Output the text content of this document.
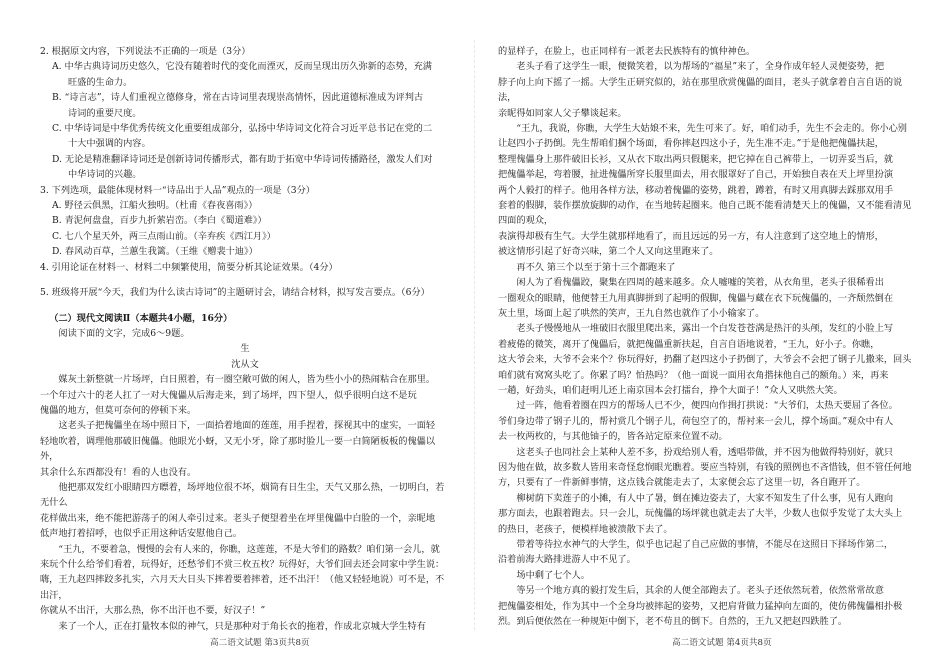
2. 根据原文内容，下列说法不正确的一项是（3分）

A. 中华古典诗词历史悠久，它没有随着时代的变化而湮灭，反而呈现出历久弥新的态势，充满
旺盛的生命力。
B. “诗言志”，诗人们重视立德修身，常在古诗词里表现崇高情怀，因此道德标准成为评判古
诗词的重要尺度。
C. 中华诗词是中华优秀传统文化重要组成部分，弘扬中华诗词文化符合习近平总书记在党的二
十大中强调的内容。
D. 无论是精准翻译诗词还是创新诗词传播形式，都有助于拓宽中华诗词传播路径，激发人们对
中华诗词的兴趣。

3. 下列选项，最能体现材料一“诗品出于人品”观点的一项是（3分）

A. 野径云俱黑，江船火独明。（杜甫《春夜喜雨》）

B. 青泥何盘盘，百步九折萦岩峦。（李白《蜀道难》）

C. 七八个星天外，两三点雨山前。（辛弃疾《西江月》）

D. 春风动百草，兰蕙生我篱。（王维《赠裴十迪》）

4. 引用论证在材料一、材料二中频繁使用，简要分析其论证效果。（4分）

5. 班级将开展“今天，我们为什么读古诗词”的主题研讨会，请结合材料，拟写发言要点。（6分）

（二）现代文阅读Ⅱ（本题共4小题，16分）

阅读下面的文字，完成6～9题。

生

沈从文

媒灰土新整就一片场坪，白日照着，有一圈空敞可做的闲人，皆为些小小的热闹粘合在那里。

一个年过六十的老人扛了一对大傀儡从后海走来，到了场坪，四下望人，似乎很明白这不是玩

傀儡的地方，但莫可奈何的停顿下来。

这老头子把傀儡坐在场中照日下，一面拾着地面的莲莲，用手捏着，探视其中的虚实，一面轻

轻地吹着，调理他那破旧傀儡。他眼光小蚜，又无小牙，除了那时脸儿一要一白简陋板板的傀儡以外，

其余什么东西都没有！看的人也没有。

他把那双发红小眼睛四方瞟着，场坪地位很不坏，烟筒有日生尘，天气又那么热，一切明白，若无什么

花样做出来，绝不能把游荡子的闲人牵引过来。老头子便望着坐在坪里傀儡中白脸的一个，亲昵地

低声地打着招呼，也似乎正用这种话安慰他自己。

“王九，不要着急，慢慢的会有人来的，你瞧，这莲莲，不是大爷们的路数？咱们第一会儿，就

来玩个什么给爷们看着，玩得好，还愁爷们不赏三枚五枚？玩得好，大爷们回去还会同家中学生说：

嗨，王九赵四摔跤多扎实，六月天大日头下摔着要着摔着，还不出汗！（他又轻轻地说）可不是，不出汗，

你就从不出汗，大那么热，你不出汗也不要，好汉子！”

来了一个人，正在打量牧本似的神气，只是那种对于角长衣的拖着，作成北京城大学生特有

的显样子，在脸上，也正同样有一派老去民族特有的慎仲神色。

老头子看了这学生一眼，便微笑着，以为帮场的“福星”来了，全身作成年轻人灵便姿势，把

脖子向上向下摇了一摇。大学生正研究似的，站在那里欣赏傀儡的面目，老头子就拿着自言自语的说法，

亲昵得如同家人父子攀谈起来。

“王九，我说，你瞧，大学生大姑娘不来，先生可来了。好，咱们动手，先生不会走的。你小心别

让赵四小子扔倒。先生帮咱们捆个场面，看你摔赵四这小子，先生准不走。”于是他把傀儡扶起，

整理傀儡身上那件破旧长衫，又从衣下取出两只假腿来，把它掉在自己裤带上，一切弄妥当后，就

把傀儡举起，弯着腰，扯进傀儡所穿长服里面去，用衣服罩好了自己，开始独自表在天上坪里扮演

两个人毅打的样子。他用各样方法，移动着傀儡的姿势，跳着，蹲着，有时又用真脚去踩那双用手

套着的假脚，装作摆放旋脚的动作，在当地转起圈来。他自己既不能看清楚天上的傀儡，又不能看清见四面的观众，

表演得却极有生气。大学生就那样地看了，而且远远的另一方，有人注意到了这空地上的情形，

被这情形引起了好奇兴味，第二个人又向这里跑来了。

再不久 第三个以至于第十三个都跑来了

闲人为了看傀儡跤，聚集在四周的越来越多。众人嘘嘘的笑着，从衣角里，老头子很稀看出

一圈观众的眼睛，他便替王九用真脚拼到了起明的假脚，傀儡与藏在衣下玩傀儡的，一齐颓然倒在

灰土里，场面上起了哄然的笑声，王九自然也就作了小小输家了。

老头子慢慢地从一堆破旧衣服里爬出来，露出一个白发苍苍满是热汗的头颅，发红的小脸上写

着疲倦的微笑，离开了傀儡后，就把傀儡重新扶起，自言自语地说着，“王九，好小子。你瞧，

这大爷会来，大爷不会来个？你玩得好，扔翻了赵四这小子扔倒了，大爷会不会把了钢子儿撒来，回头

咱们就有窝窝头吃了。你累了吗？怕热吗？（他一面说一面用衣角揩抹他自己的额角。）来，再来

一趟，好劲头，咱们赶明儿还上南京国本会打擂台，挣个大面子！”众人又哄然大笑。

过一阵，他看着圈在四方的帮场人已不少，便四向作揖打拱说：“大爷们，太热天要屈了各位。

爷们身边带了钢子儿的，帮衬赏几个钢子儿，荷包空了的，帮衬来一会儿，撑个场面。”观众中有人

去一枚两枚的，与其他铀子的，皆各站定原来位置不动。

这老头子也同社会上某种人差不多，扮戏给别人看，透唱带做，并不因为他做得特别好，就只

因为他在做，故多数人皆用来奇怪怠悯眼光瞧着。要应当特别，有钱的照例也不吝惜钱，但不管任何地

方，只要有了一件新鲜事情，这点钱合就能走去了，太家便会忘了这里一切，各自跑开了。

柳树荫下卖莲子的小摊，有人中了暑，倒在摊边姿去了，大家不知发生了什么事，见有人跑向

那方面去，也跟着跑去。只一会儿，玩傀儡的场坪就也就走去了大半，少数人也似乎发觉了太大头上

的热日，老孩子，便模样地被溃散下去了。

带着等待拉水神气的大学生，似乎也记起了自己应做的事情，不能尽在这照日下择场作第二，

沿着前海大路排进游人中不见了。

场中剩了七个人。

等另一个地方真的毅打发生后，其余的人便全部跑去了。老头子还依然玩着，依然常常故意

把傀儡姿相处，作为其中一个全身均被摔起的姿势，又把肩背做力猛掉向左面的，使仿佛傀儡相扑极

烈。到后便依然在一种规矩中倒下，老不苟且的倒下。自然的，王九又把赵四跌胜了。

高二语文试题 第3页共8页	高二语文试题 第4页共8页
